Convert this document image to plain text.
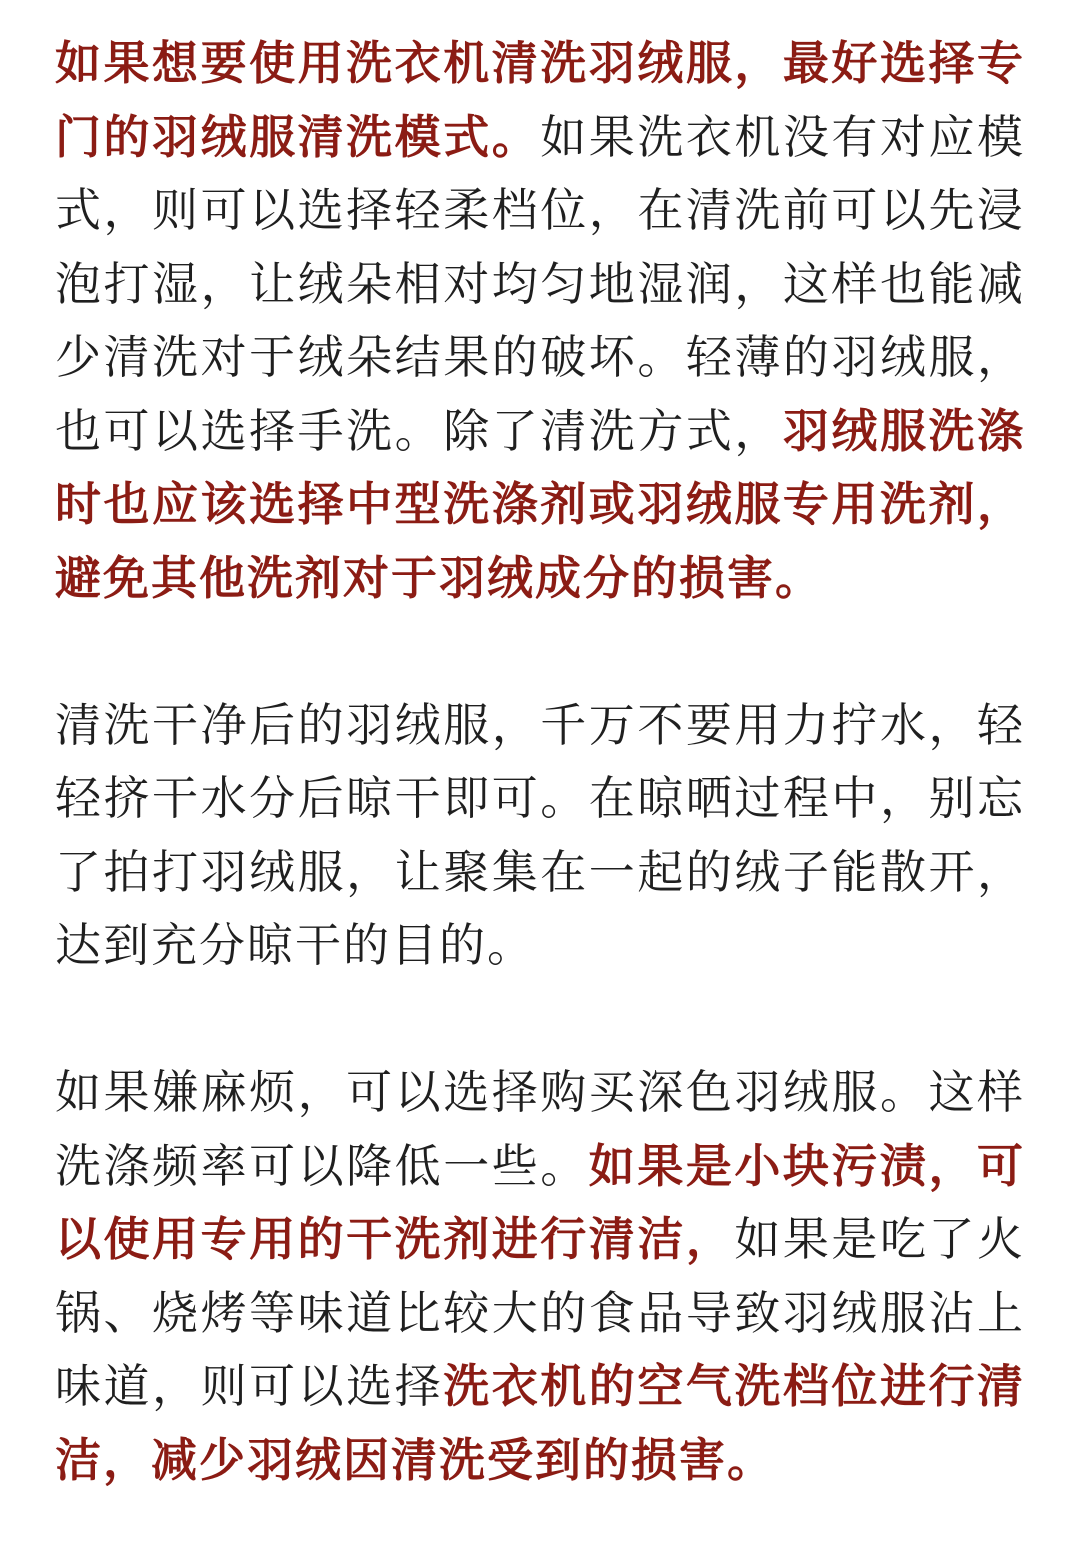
如果想要使用洗衣机清洗羽绒服，最好选择专门的羽绒服清洗模式。如果洗衣机没有对应模式，则可以选择轻柔档位，在清洗前可以先浸泡打湿，让绒朵相对均匀地湿润，这样也能减少清洗对于绒朵结果的破坏。轻薄的羽绒服，也可以选择手洗。除了清洗方式，羽绒服洗涤时也应该选择中型洗涤剂或羽绒服专用洗剂，避免其他洗剂对于羽绒成分的损害。

清洗干净后的羽绒服，千万不要用力拧水，轻轻挤干水分后晾干即可。在晾晒过程中，别忘了拍打羽绒服，让聚集在一起的绒子能散开，达到充分晾干的目的。

如果嫌麻烦，可以选择购买深色羽绒服。这样洗涤频率可以降低一些。如果是小块污渍，可以使用专用的干洗剂进行清洁，如果是吃了火锅、烧烤等味道比较大的食品导致羽绒服沾上味道，则可以选择洗衣机的空气洗档位进行清洁，减少羽绒因清洗受到的损害。
